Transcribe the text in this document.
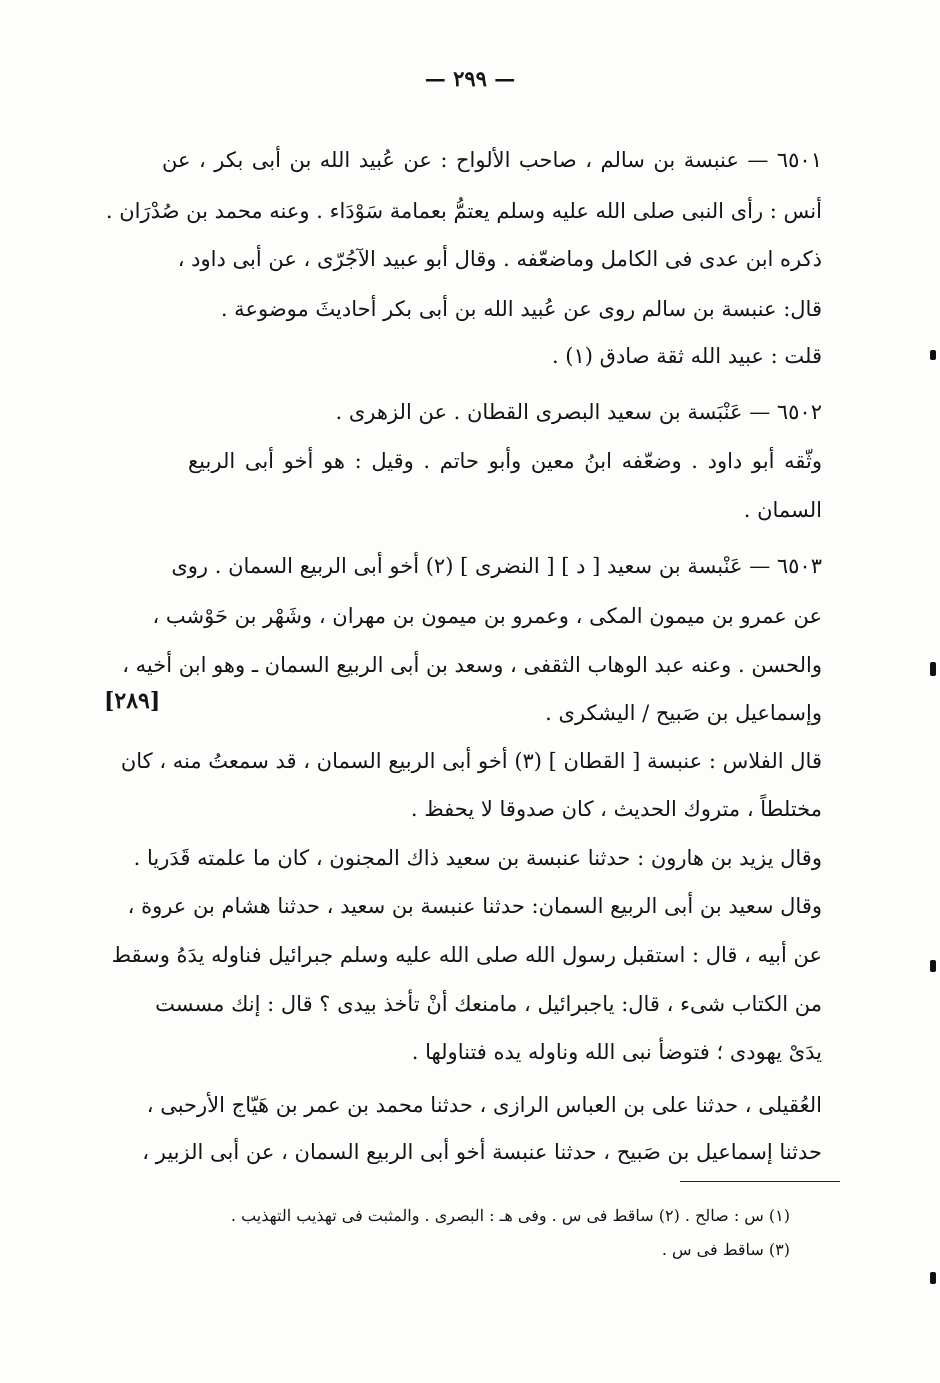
— ٢٩٩ —
٦٥٠١ — عنبسة بن سالم ، صاحب الألواح : عن عُبيد الله بن أبى بكر ، عن
أنس : رأى النبى صلى الله عليه وسلم يعتمُّ بعمامة سَوْدَاء . وعنه محمد بن صُدْرَان .
ذكره ابن عدى فى الكامل وماضعّفه . وقال أبو عبيد الآجُرّى ، عن أبى داود ،
قال: عنبسة بن سالم روى عن عُبيد الله بن أبى بكر أحاديثَ موضوعة .
قلت : عبيد الله ثقة صادق (١) .
٦٥٠٢ — عَنْبَسة بن سعيد البصرى القطان . عن الزهرى .
وثّقه أبو داود . وضعّفه ابنُ معين وأبو حاتم . وقيل : هو أخو أبى الربيع
السمان .
٦٥٠٣ — عَنْبسة بن سعيد [ د ] [ النضرى ] (٢) أخو أبى الربيع السمان . روى
عن عمرو بن ميمون المكى ، وعمرو بن ميمون بن مهران ، وشَهْر بن حَوْشب ،
والحسن . وعنه عبد الوهاب الثقفى ، وسعد بن أبى الربيع السمان ـ وهو ابن أخيه ،
وإسماعيل بن صَبيح / اليشكرى .
[٢٨٩]
قال الفلاس : عنبسة [ القطان ] (٣) أخو أبى الربيع السمان ، قد سمعتُ منه ، كان
مختلطاً ، متروك الحديث ، كان صدوقا لا يحفظ .
وقال يزيد بن هارون : حدثنا عنبسة بن سعيد ذاك المجنون ، كان ما علمته قَدَريا .
وقال سعيد بن أبى الربيع السمان: حدثنا عنبسة بن سعيد ، حدثنا هشام بن عروة ،
عن أبيه ، قال : استقبل رسول الله صلى الله عليه وسلم جبرائيل فناوله يدَهُ وسقط
من الكتاب شىء ، قال: ياجبرائيل ، مامنعك أنْ تأخذ بيدى ؟ قال : إنك مسست
يدَىْ يهودى ؛ فتوضأ نبى الله وناوله يده فتناولها .
العُقيلى ، حدثنا على بن العباس الرازى ، حدثنا محمد بن عمر بن هَيّاج الأرحبى ،
حدثنا إسماعيل بن صَبيح ، حدثنا عنبسة أخو أبى الربيع السمان ، عن أبى الزبير ،
(١) س : صالح . (٢) ساقط فى س . وفى هـ : البصرى . والمثبت فى تهذيب التهذيب .
(٣) ساقط فى س .
